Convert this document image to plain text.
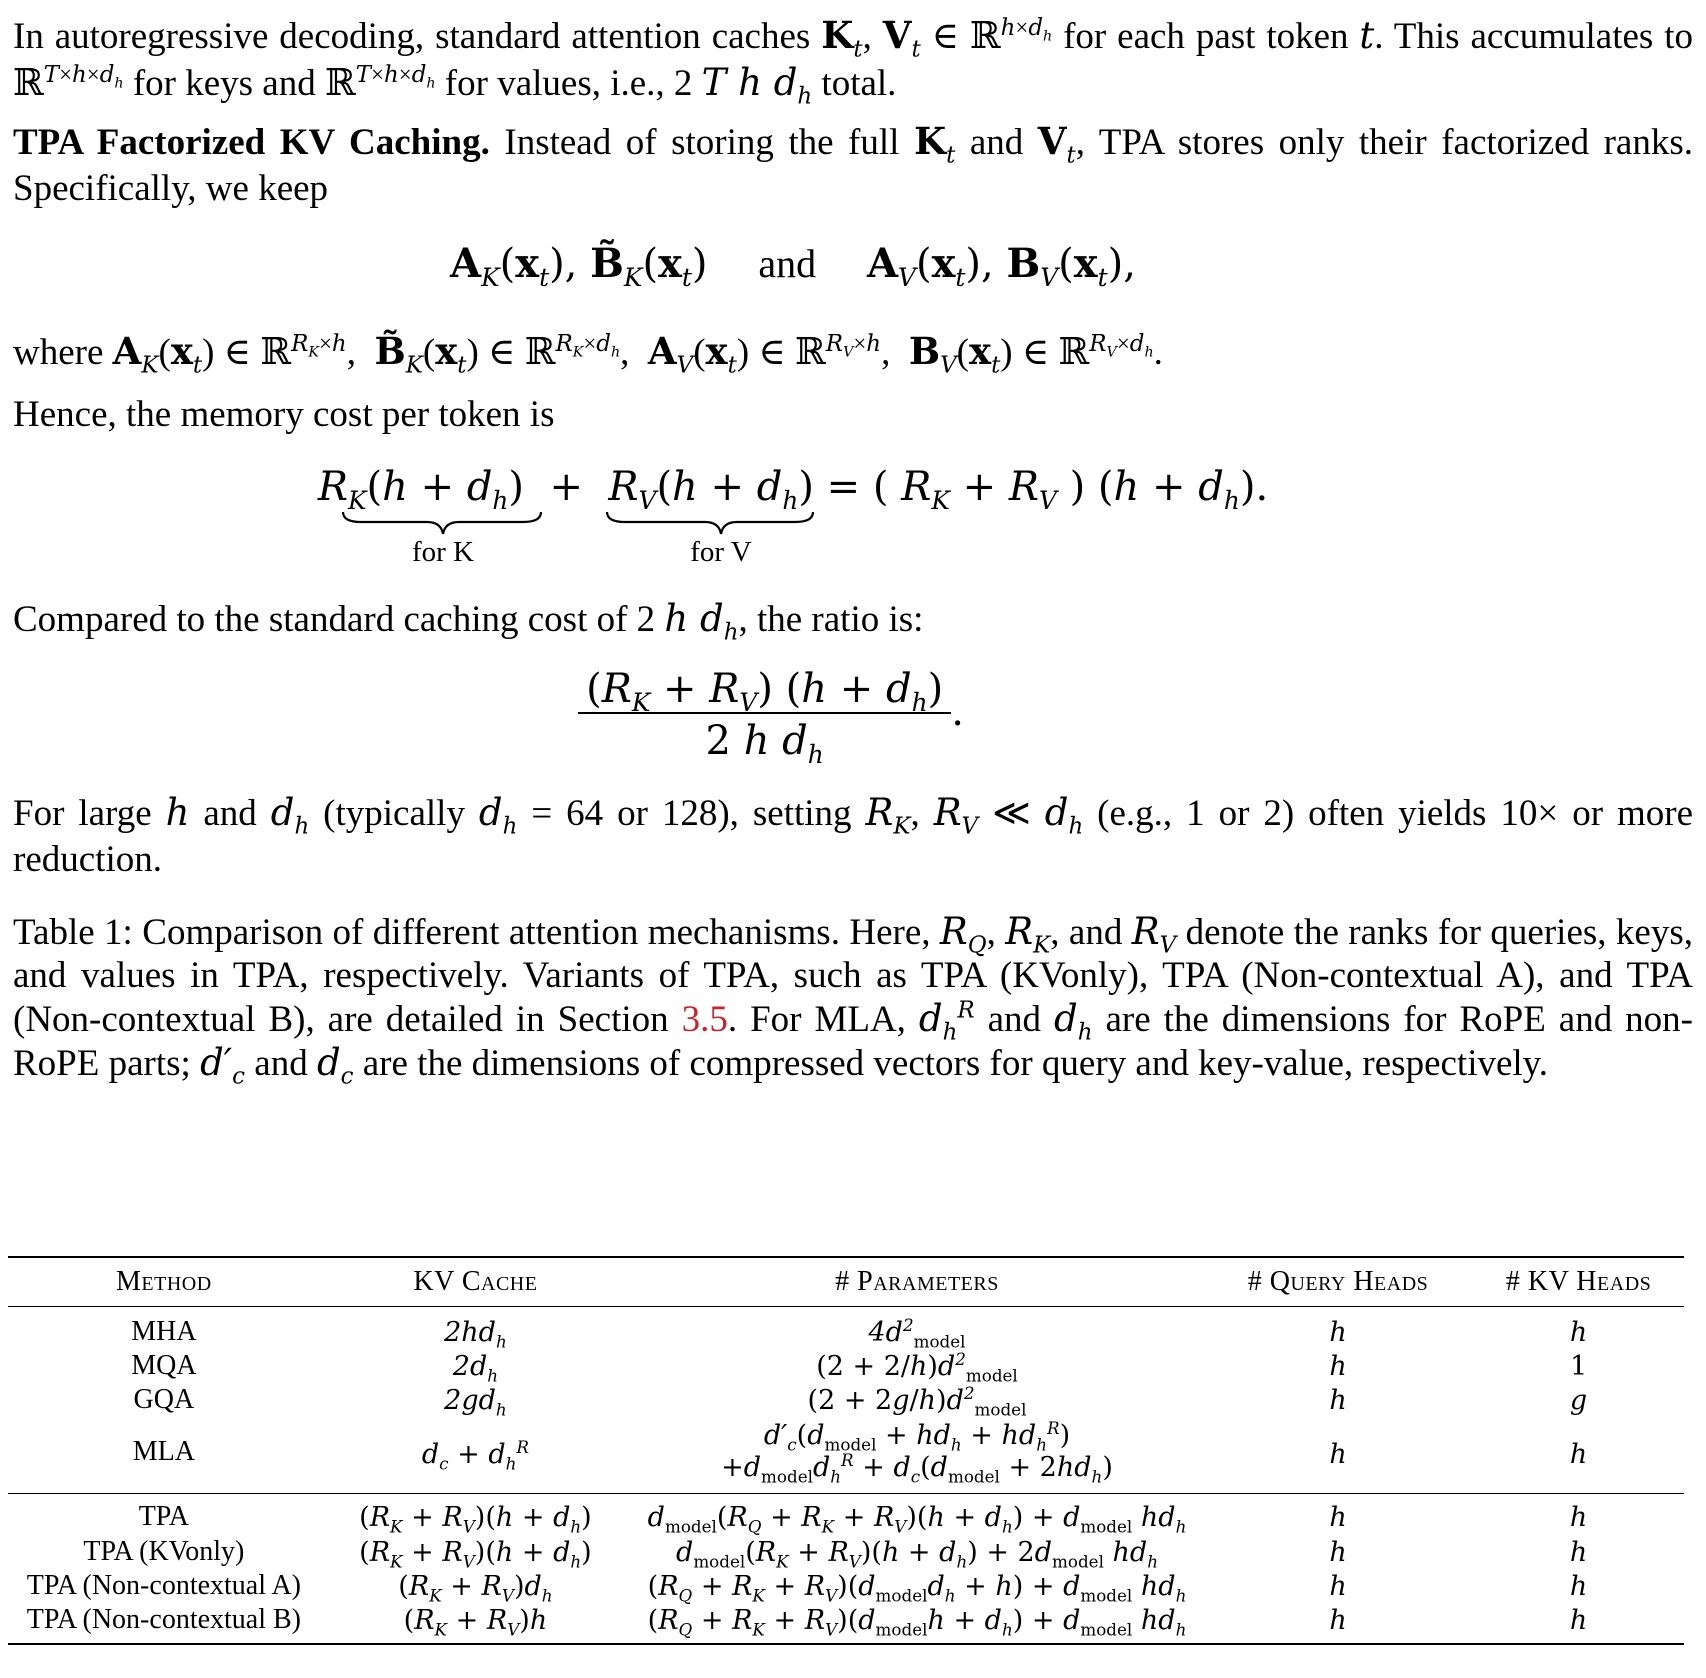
In autoregressive decoding, standard attention caches $K_t$, $V_t$ ∈ ℝ$^{h\times d_h}$ for each past token t. This accumulates to ℝ$^{T\times h\times d_h}$ for keys and ℝ$^{T\times h\times d_h}$ for values, i.e., 2 T h $d_h$ total.

TPA Factorized KV Caching. Instead of storing the full $K_t$ and $V_t$, TPA stores only their factorized ranks. Specifically, we keep

$A_K(x_t)$, $B̃_K(x_t)$    and $A_V(x_t)$, $B_V(x_t)$,

where $A_K(x_t)$ ∈ ℝ$^{R_K\times h}$,  $B̃_K(x_t)$ ∈ ℝ$^{R_K\times d_h}$,  $A_V(x_t)$ ∈ ℝ$^{R_V\times h}$,  $B_V(x_t)$ ∈ ℝ$^{R_V\times d_h}$.

Hence, the memory cost per token is

$R_K(h + d_h) + R_V(h + d_h)$ = ( $R_K + R_V$ ) $(h + d_h)$.
for K	for V

Compared to the standard caching cost of 2 h $d_h$, the ratio is:

$\frac{(R_K + R_V) (h + d_h)}{2 h d_h}$ .

For large h and $d_h$ (typically $d_h = 64$ or 128), setting $R_K$, $R_V$ ≪ $d_h$ (e.g., 1 or 2) often yields 10× or more reduction.

Table 1: Comparison of different attention mechanisms. Here, $R_Q$, $R_K$, and $R_V$ denote the ranks for queries, keys, and values in TPA, respectively. Variants of TPA, such as TPA (KVonly), TPA (Non-contextual A), and TPA (Non-contextual B), are detailed in Section 3.5. For MLA, $d_h^R$ and $d_h$ are the dimensions for RoPE and non-RoPE parts; $d'_c$ and $d_c$ are the dimensions of compressed vectors for query and key-value, respectively.

Method	KV Cache	# Parameters	# Query Heads	# KV Heads
MHA	$2hd_h$	$4d^2_{model}$	h	h
MQA	$2d_h$	$(2 + 2/h)d^2_{model}$	h	1
GQA	$2gd_h$	$(2 + 2g/h)d^2_{model}$	h	g
MLA	$d_c + d_h^R$	$d'_c(d_{model} + hd_h + hd_h^R)$
$+d_{model}d_h^R + d_c(d_{model} + 2hd_h)$	h	h
TPA	$(R_K + R_V)(h + d_h)$	$d_{model}(R_Q + R_K + R_V)(h + d_h) + d_{model}$ $hd_h$	h	h
TPA (KVonly)	$(R_K + R_V)(h + d_h)$	$d_{model}(R_K + R_V)(h + d_h) + 2d_{model}$ $hd_h$	h	h
TPA (Non-contextual A)	$(R_K + R_V)d_h$	$(R_Q + R_K + R_V)(d_{model}d_h + h) + d_{model}$ $hd_h$	h	h
TPA (Non-contextual B)	$(R_K + R_V)h$	$(R_Q + R_K + R_V)(d_{model}h + d_h) + d_{model}$ $hd_h$	h	h
